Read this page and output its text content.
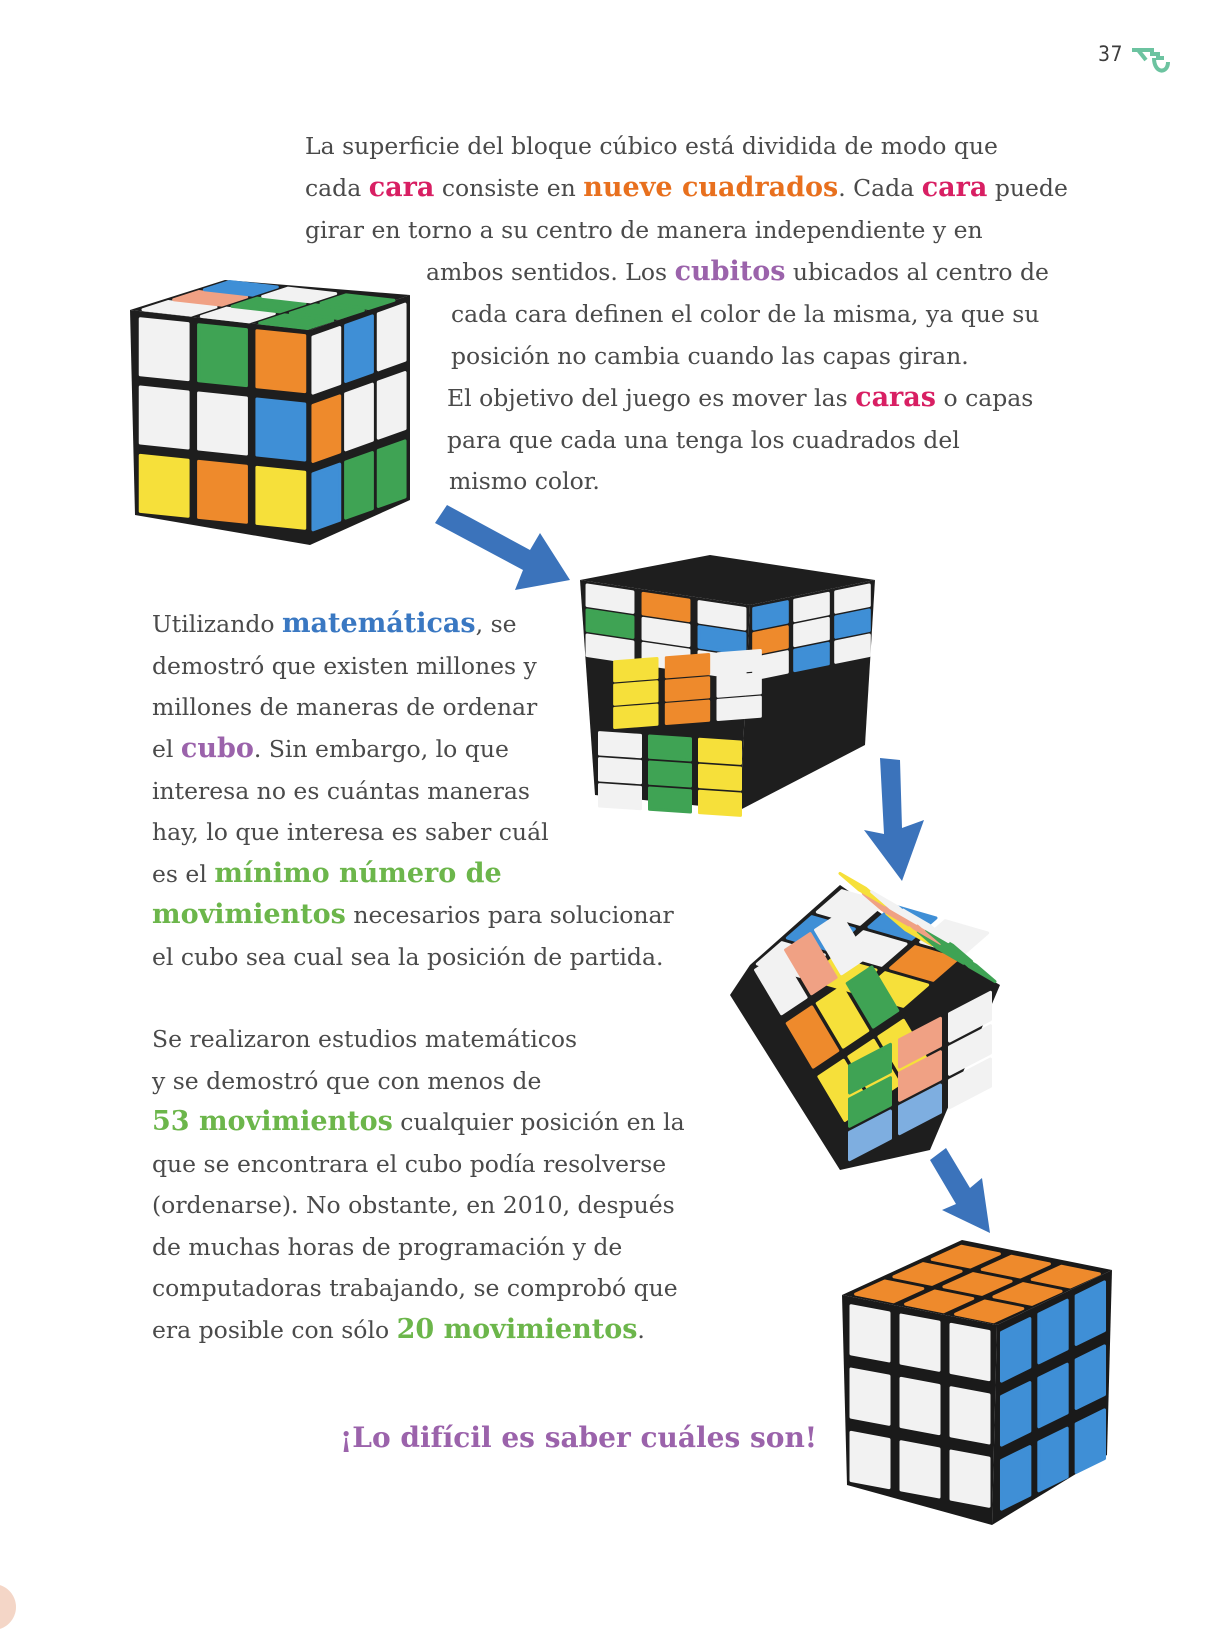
37
La superficie del bloque cúbico está dividida de modo que
cada cara consiste en nueve cuadrados. Cada cara puede
girar en torno a su centro de manera independiente y en
ambos sentidos. Los cubitos ubicados al centro de
cada cara definen el color de la misma, ya que su
posición no cambia cuando las capas giran.
El objetivo del juego es mover las caras o capas
para que cada una tenga los cuadrados del
mismo color.
Utilizando matemáticas, se
demostró que existen millones y
millones de maneras de ordenar
el cubo. Sin embargo, lo que
interesa no es cuántas maneras
hay, lo que interesa es saber cuál
es el mínimo número de
movimientos necesarios para solucionar
el cubo sea cual sea la posición de partida.
Se realizaron estudios matemáticos
y se demostró que con menos de
53 movimientos cualquier posición en la
que se encontrara el cubo podía resolverse
(ordenarse). No obstante, en 2010, después
de muchas horas de programación y de
computadoras trabajando, se comprobó que
era posible con sólo 20 movimientos.
¡Lo difícil es saber cuáles son!
